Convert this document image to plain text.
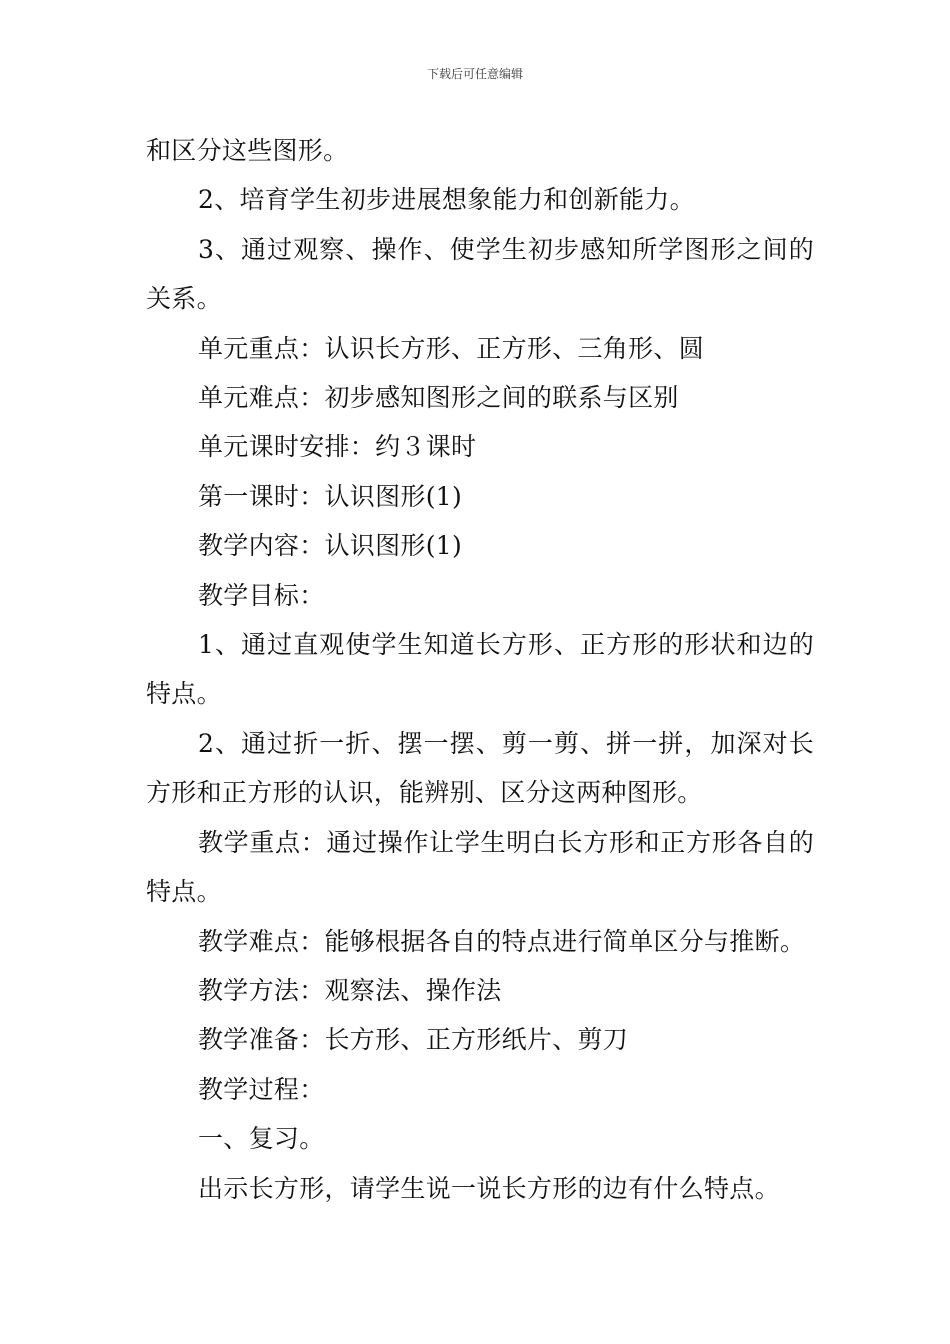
下载后可任意编辑

和区分这些图形。

2、培育学生初步进展想象能力和创新能力。

3、通过观察、操作、使学生初步感知所学图形之间的关系。

单元重点：认识长方形、正方形、三角形、圆

单元难点：初步感知图形之间的联系与区别

单元课时安排：约３课时

第一课时：认识图形(1)

教学内容：认识图形(1)

教学目标：

1、通过直观使学生知道长方形、正方形的形状和边的特点。

2、通过折一折、摆一摆、剪一剪、拼一拼，加深对长方形和正方形的认识，能辨别、区分这两种图形。

教学重点：通过操作让学生明白长方形和正方形各自的特点。

教学难点：能够根据各自的特点进行简单区分与推断。

教学方法：观察法、操作法

教学准备：长方形、正方形纸片、剪刀

教学过程：

一、复习。

出示长方形，请学生说一说长方形的边有什么特点。
